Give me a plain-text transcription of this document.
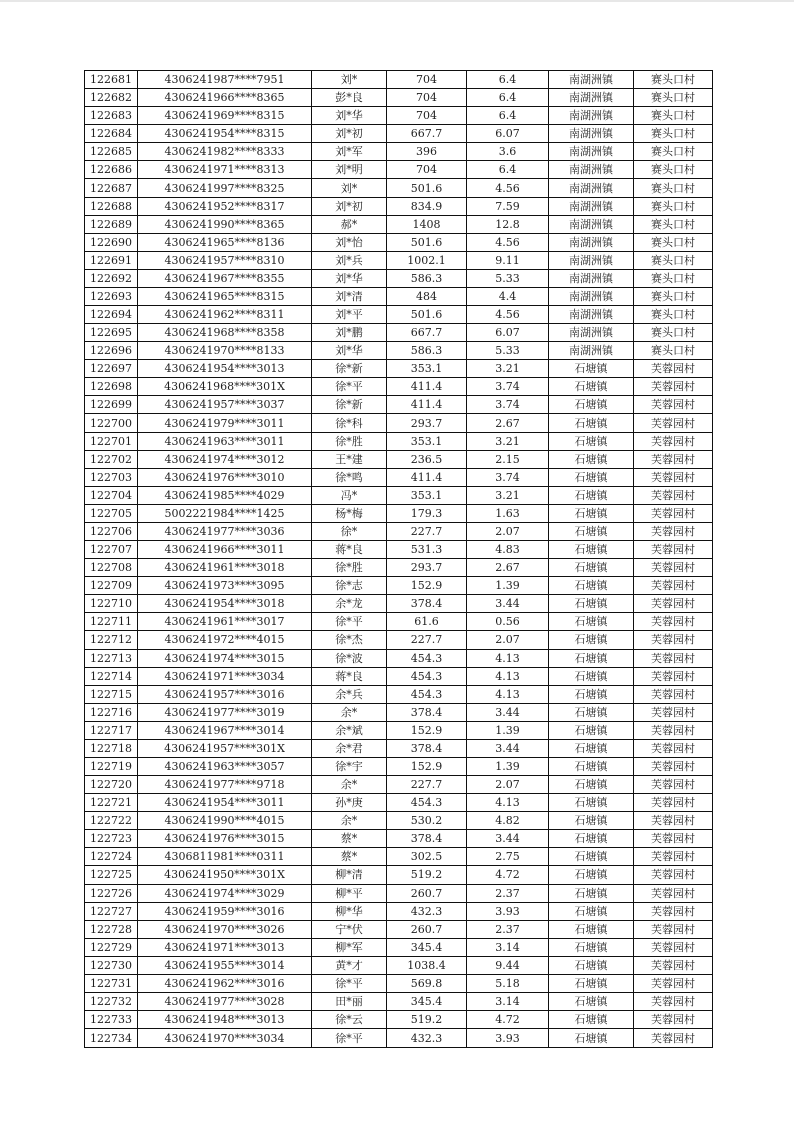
122681	4306241987****7951	刘*	704	6.4	南湖洲镇	赛头口村
122682	4306241966****8365	彭*良	704	6.4	南湖洲镇	赛头口村
122683	4306241969****8315	刘*华	704	6.4	南湖洲镇	赛头口村
122684	4306241954****8315	刘*初	667.7	6.07	南湖洲镇	赛头口村
122685	4306241982****8333	刘*军	396	3.6	南湖洲镇	赛头口村
122686	4306241971****8313	刘*明	704	6.4	南湖洲镇	赛头口村
122687	4306241997****8325	刘*	501.6	4.56	南湖洲镇	赛头口村
122688	4306241952****8317	刘*初	834.9	7.59	南湖洲镇	赛头口村
122689	4306241990****8365	郝*	1408	12.8	南湖洲镇	赛头口村
122690	4306241965****8136	刘*怡	501.6	4.56	南湖洲镇	赛头口村
122691	4306241957****8310	刘*兵	1002.1	9.11	南湖洲镇	赛头口村
122692	4306241967****8355	刘*华	586.3	5.33	南湖洲镇	赛头口村
122693	4306241965****8315	刘*清	484	4.4	南湖洲镇	赛头口村
122694	4306241962****8311	刘*平	501.6	4.56	南湖洲镇	赛头口村
122695	4306241968****8358	刘*鹏	667.7	6.07	南湖洲镇	赛头口村
122696	4306241970****8133	刘*华	586.3	5.33	南湖洲镇	赛头口村
122697	4306241954****3013	徐*新	353.1	3.21	石塘镇	芙蓉园村
122698	4306241968****301X	徐*平	411.4	3.74	石塘镇	芙蓉园村
122699	4306241957****3037	徐*新	411.4	3.74	石塘镇	芙蓉园村
122700	4306241979****3011	徐*科	293.7	2.67	石塘镇	芙蓉园村
122701	4306241963****3011	徐*胜	353.1	3.21	石塘镇	芙蓉园村
122702	4306241974****3012	王*建	236.5	2.15	石塘镇	芙蓉园村
122703	4306241976****3010	徐*鸣	411.4	3.74	石塘镇	芙蓉园村
122704	4306241985****4029	冯*	353.1	3.21	石塘镇	芙蓉园村
122705	5002221984****1425	杨*梅	179.3	1.63	石塘镇	芙蓉园村
122706	4306241977****3036	徐*	227.7	2.07	石塘镇	芙蓉园村
122707	4306241966****3011	蒋*良	531.3	4.83	石塘镇	芙蓉园村
122708	4306241961****3018	徐*胜	293.7	2.67	石塘镇	芙蓉园村
122709	4306241973****3095	徐*志	152.9	1.39	石塘镇	芙蓉园村
122710	4306241954****3018	余*龙	378.4	3.44	石塘镇	芙蓉园村
122711	4306241961****3017	徐*平	61.6	0.56	石塘镇	芙蓉园村
122712	4306241972****4015	徐*杰	227.7	2.07	石塘镇	芙蓉园村
122713	4306241974****3015	徐*波	454.3	4.13	石塘镇	芙蓉园村
122714	4306241971****3034	蒋*良	454.3	4.13	石塘镇	芙蓉园村
122715	4306241957****3016	余*兵	454.3	4.13	石塘镇	芙蓉园村
122716	4306241977****3019	余*	378.4	3.44	石塘镇	芙蓉园村
122717	4306241967****3014	余*斌	152.9	1.39	石塘镇	芙蓉园村
122718	4306241957****301X	余*君	378.4	3.44	石塘镇	芙蓉园村
122719	4306241963****3057	徐*宇	152.9	1.39	石塘镇	芙蓉园村
122720	4306241977****9718	余*	227.7	2.07	石塘镇	芙蓉园村
122721	4306241954****3011	孙*庚	454.3	4.13	石塘镇	芙蓉园村
122722	4306241990****4015	余*	530.2	4.82	石塘镇	芙蓉园村
122723	4306241976****3015	蔡*	378.4	3.44	石塘镇	芙蓉园村
122724	4306811981****0311	蔡*	302.5	2.75	石塘镇	芙蓉园村
122725	4306241950****301X	柳*清	519.2	4.72	石塘镇	芙蓉园村
122726	4306241974****3029	柳*平	260.7	2.37	石塘镇	芙蓉园村
122727	4306241959****3016	柳*华	432.3	3.93	石塘镇	芙蓉园村
122728	4306241970****3026	宁*伏	260.7	2.37	石塘镇	芙蓉园村
122729	4306241971****3013	柳*军	345.4	3.14	石塘镇	芙蓉园村
122730	4306241955****3014	黄*才	1038.4	9.44	石塘镇	芙蓉园村
122731	4306241962****3016	徐*平	569.8	5.18	石塘镇	芙蓉园村
122732	4306241977****3028	田*丽	345.4	3.14	石塘镇	芙蓉园村
122733	4306241948****3013	徐*云	519.2	4.72	石塘镇	芙蓉园村
122734	4306241970****3034	徐*平	432.3	3.93	石塘镇	芙蓉园村
